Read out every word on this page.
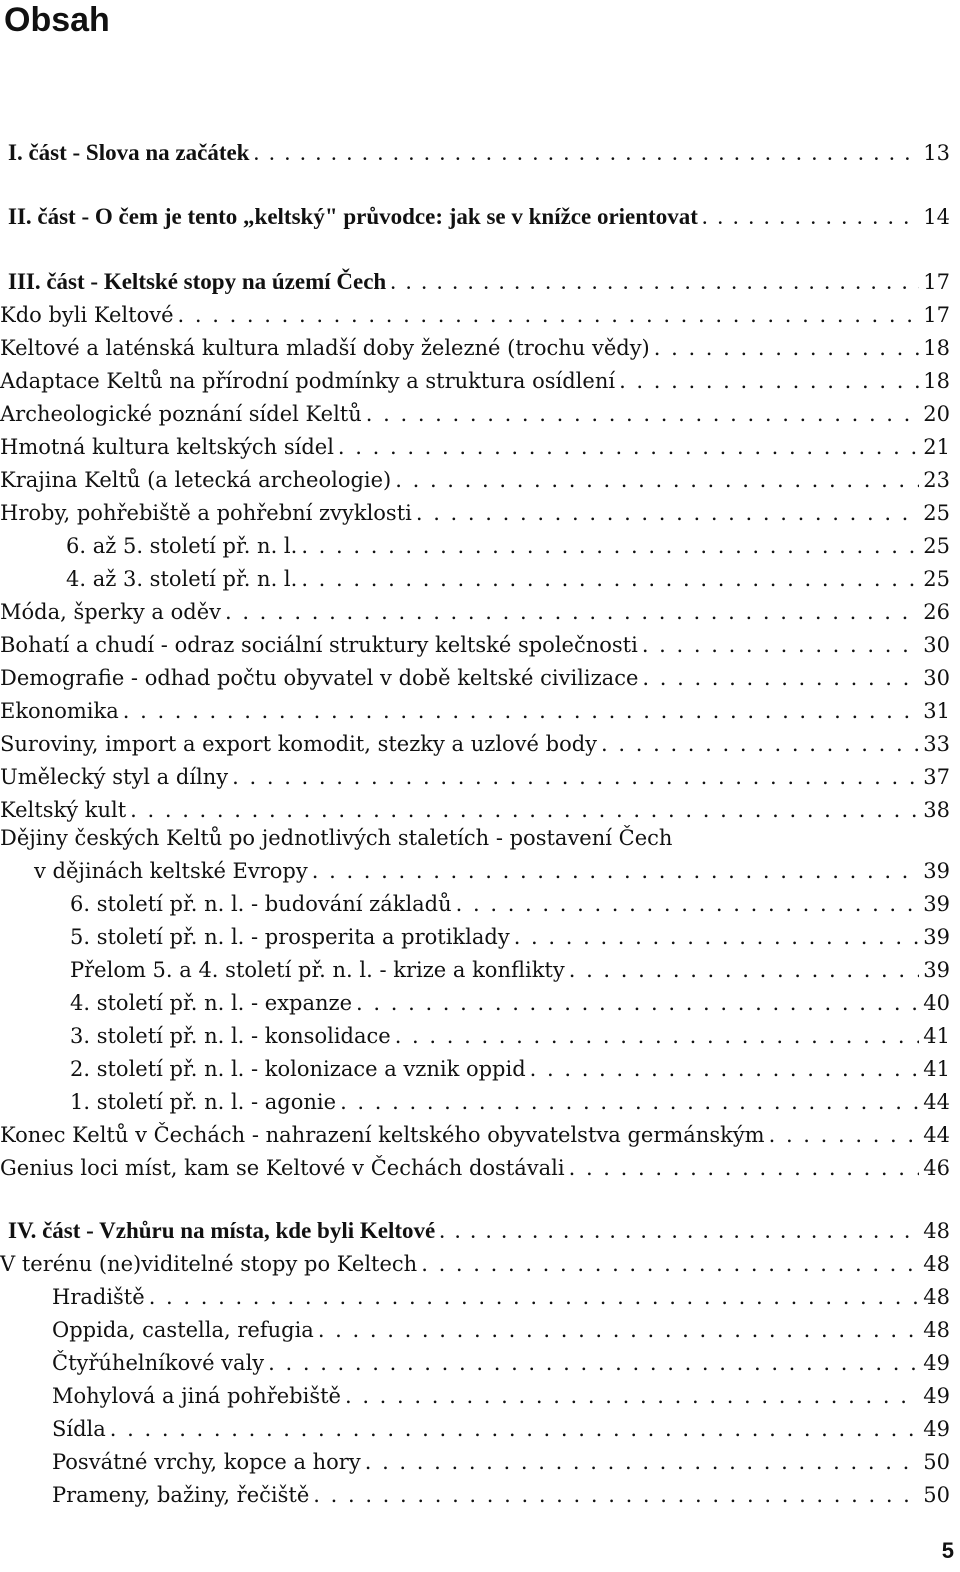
Obsah
I. část - Slova na začátek . . .	13
II. část - O čem je tento „keltský" průvodce: jak se v knížce orientovat . . .	14
III. část - Keltské stopy na území Čech . . .	17
Kdo byli Keltové . . .	17
Keltové a laténská kultura mladší doby železné (trochu vědy) . . .	18
Adaptace Keltů na přírodní podmínky a struktura osídlení . . .	18
Archeologické poznání sídel Keltů . . .	20
Hmotná kultura keltských sídel . . .	21
Krajina Keltů (a letecká archeologie) . . .	23
Hroby, pohřebiště a pohřební zvyklosti . . .	25
6. až 5. století př. n. l. . . .	25
4. až 3. století př. n. l. . . .	25
Móda, šperky a oděv . . .	26
Bohatí a chudí - odraz sociální struktury keltské společnosti . . .	30
Demografie - odhad počtu obyvatel v době keltské civilizace . . .	30
Ekonomika . . .	31
Suroviny, import a export komodit, stezky a uzlové body . . .	33
Umělecký styl a dílny . . .	37
Keltský kult . . .	38
Dějiny českých Keltů po jednotlivých staletích - postavení Čech
v dějinách keltské Evropy . . .	39
6. století př. n. l. - budování základů . . .	39
5. století př. n. l. - prosperita a protiklady . . .	39
Přelom 5. a 4. století př. n. l. - krize a konflikty . . .	39
4. století př. n. l. - expanze . . .	40
3. století př. n. l. - konsolidace . . .	41
2. století př. n. l. - kolonizace a vznik oppid . . .	41
1. století př. n. l. - agonie . . .	44
Konec Keltů v Čechách - nahrazení keltského obyvatelstva germánským . . .	44
Genius loci míst, kam se Keltové v Čechách dostávali . . .	46
IV. část - Vzhůru na místa, kde byli Keltové . . .	48
V terénu (ne)viditelné stopy po Keltech . . .	48
Hradiště . . .	48
Oppida, castella, refugia . . .	48
Čtyřúhelníkové valy . . .	49
Mohylová a jiná pohřebiště . . .	49
Sídla . . .	49
Posvátné vrchy, kopce a hory . . .	50
Prameny, bažiny, řečiště . . .	50
5
